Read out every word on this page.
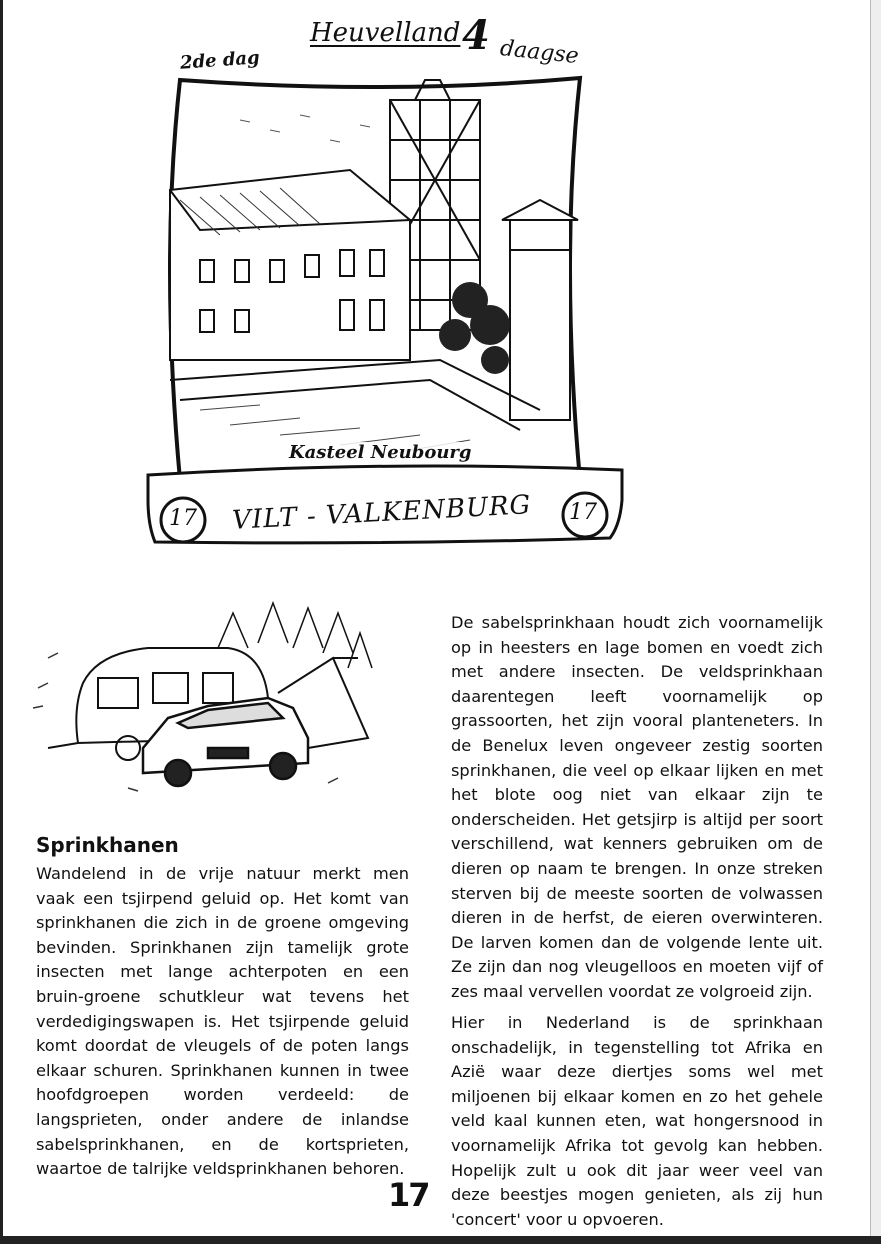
Heuvelland 4 daagse
2de dag
Kasteel Neubourg
VILT - VALKENBURG
17	17
Sprinkhanen

Wandelend in de vrije natuur merkt men vaak een tsjirpend geluid op. Het komt van sprinkhanen die zich in de groene omgeving bevinden. Sprinkhanen zijn tamelijk grote insecten met lange achterpoten en een bruin-groene schutkleur wat tevens het verdedigingswapen is. Het tsjirpende geluid komt doordat de vleugels of de poten langs elkaar schuren. Sprinkhanen kunnen in twee hoofdgroepen worden verdeeld: de langsprieten, onder andere de inlandse sabelsprinkhanen, en de kortsprieten, waartoe de talrijke veldsprinkhanen behoren.

De sabelsprinkhaan houdt zich voornamelijk op in heesters en lage bomen en voedt zich met andere insecten. De veldsprinkhaan daarentegen leeft voornamelijk op grassoorten, het zijn vooral planteneters. In de Benelux leven ongeveer zestig soorten sprinkhanen, die veel op elkaar lijken en met het blote oog niet van elkaar zijn te onderscheiden. Het getsjirp is altijd per soort verschillend, wat kenners gebruiken om de dieren op naam te brengen. In onze streken sterven bij de meeste soorten de volwassen dieren in de herfst, de eieren overwinteren. De larven komen dan de volgende lente uit. Ze zijn dan nog vleugelloos en moeten vijf of zes maal vervellen voordat ze volgroeid zijn.

Hier in Nederland is de sprinkhaan onschadelijk, in tegenstelling tot Afrika en Azië waar deze diertjes soms wel met miljoenen bij elkaar komen en zo het gehele veld kaal kunnen eten, wat hongersnood in voornamelijk Afrika tot gevolg kan hebben. Hopelijk zult u ook dit jaar weer veel van deze beestjes mogen genieten, als zij hun 'concert' voor u opvoeren.

17
